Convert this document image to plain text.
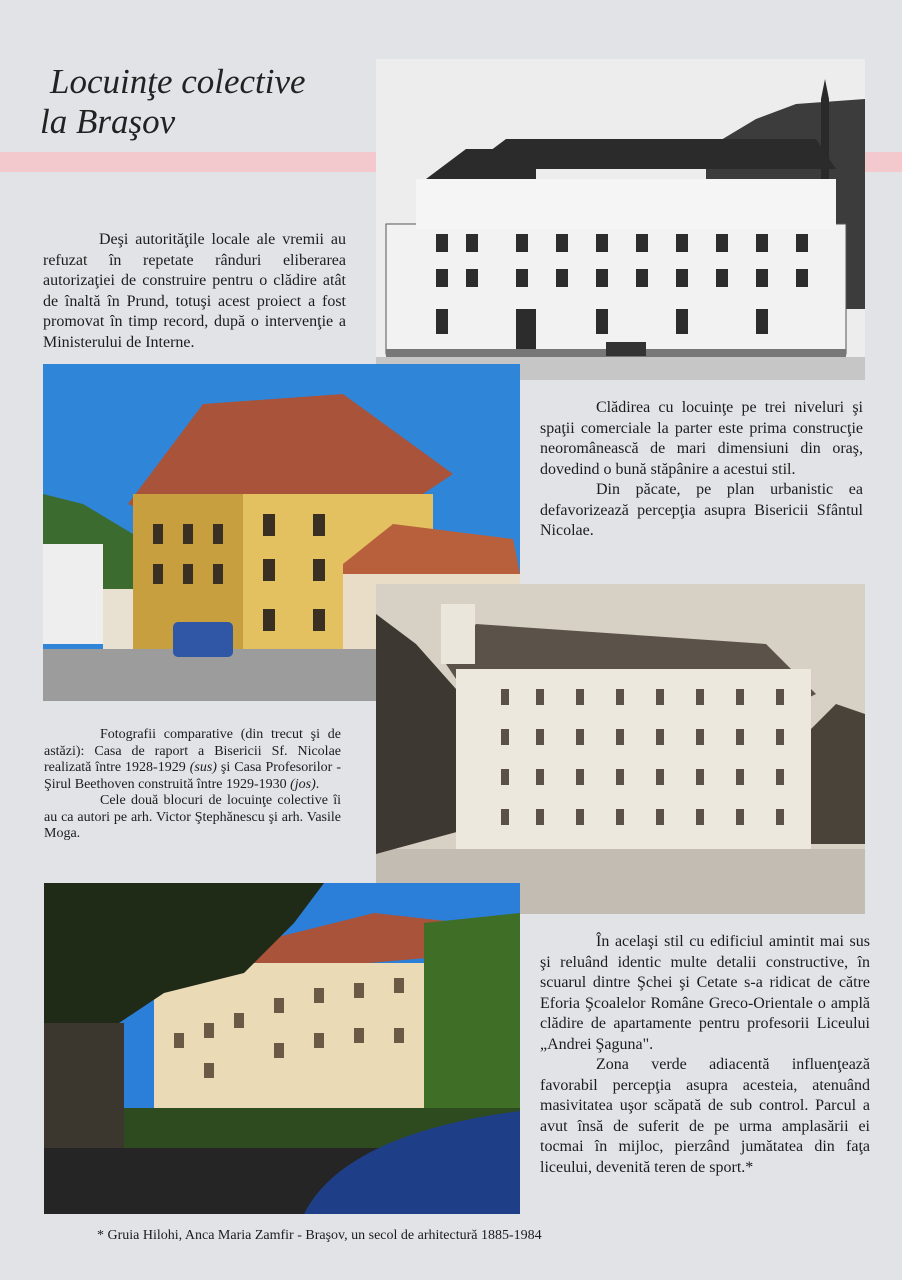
Locuinţe colective
la Braşov

Deşi autorităţile locale ale vremii au refuzat în repetate rânduri eliberarea autorizaţiei de construire pentru o clădire atât de înaltă în Prund, totuşi acest proiect a fost promovat în timp record, după o intervenţie a Ministerului de Interne.

Clădirea cu locuinţe pe trei niveluri şi spaţii comerciale la parter este prima construcţie neoromânească de mari dimensiuni din oraş, dovedind o bună stăpânire a acestui stil.

Din păcate, pe plan urbanistic ea defavorizează percepţia asupra Bisericii Sfântul Nicolae.

Fotografii comparative (din trecut şi de astăzi): Casa de raport a Bisericii Sf. Nicolae realizată între 1928-1929 (sus) şi Casa Profesorilor - Şirul Beethoven construită între 1929-1930 (jos).

Cele două blocuri de locuinţe colective îi au ca autori pe arh. Victor Ştephănescu şi arh. Vasile Moga.

În acelaşi stil cu edificiul amintit mai sus şi reluând identic multe detalii constructive, în scuarul dintre Şchei şi Cetate s-a ridicat de către Eforia Şcoalelor Române Greco-Orientale o amplă clădire de apartamente pentru profesorii Liceului „Andrei Şaguna".

Zona verde adiacentă influenţează favorabil percepţia asupra acesteia, atenuând masivitatea uşor scăpată de sub control. Parcul a avut însă de suferit de pe urma amplasării ei tocmai în mijloc, pierzând jumătatea din faţa liceului, devenită teren de sport.*

* Gruia Hilohi, Anca Maria Zamfir - Braşov, un secol de arhitectură 1885-1984
